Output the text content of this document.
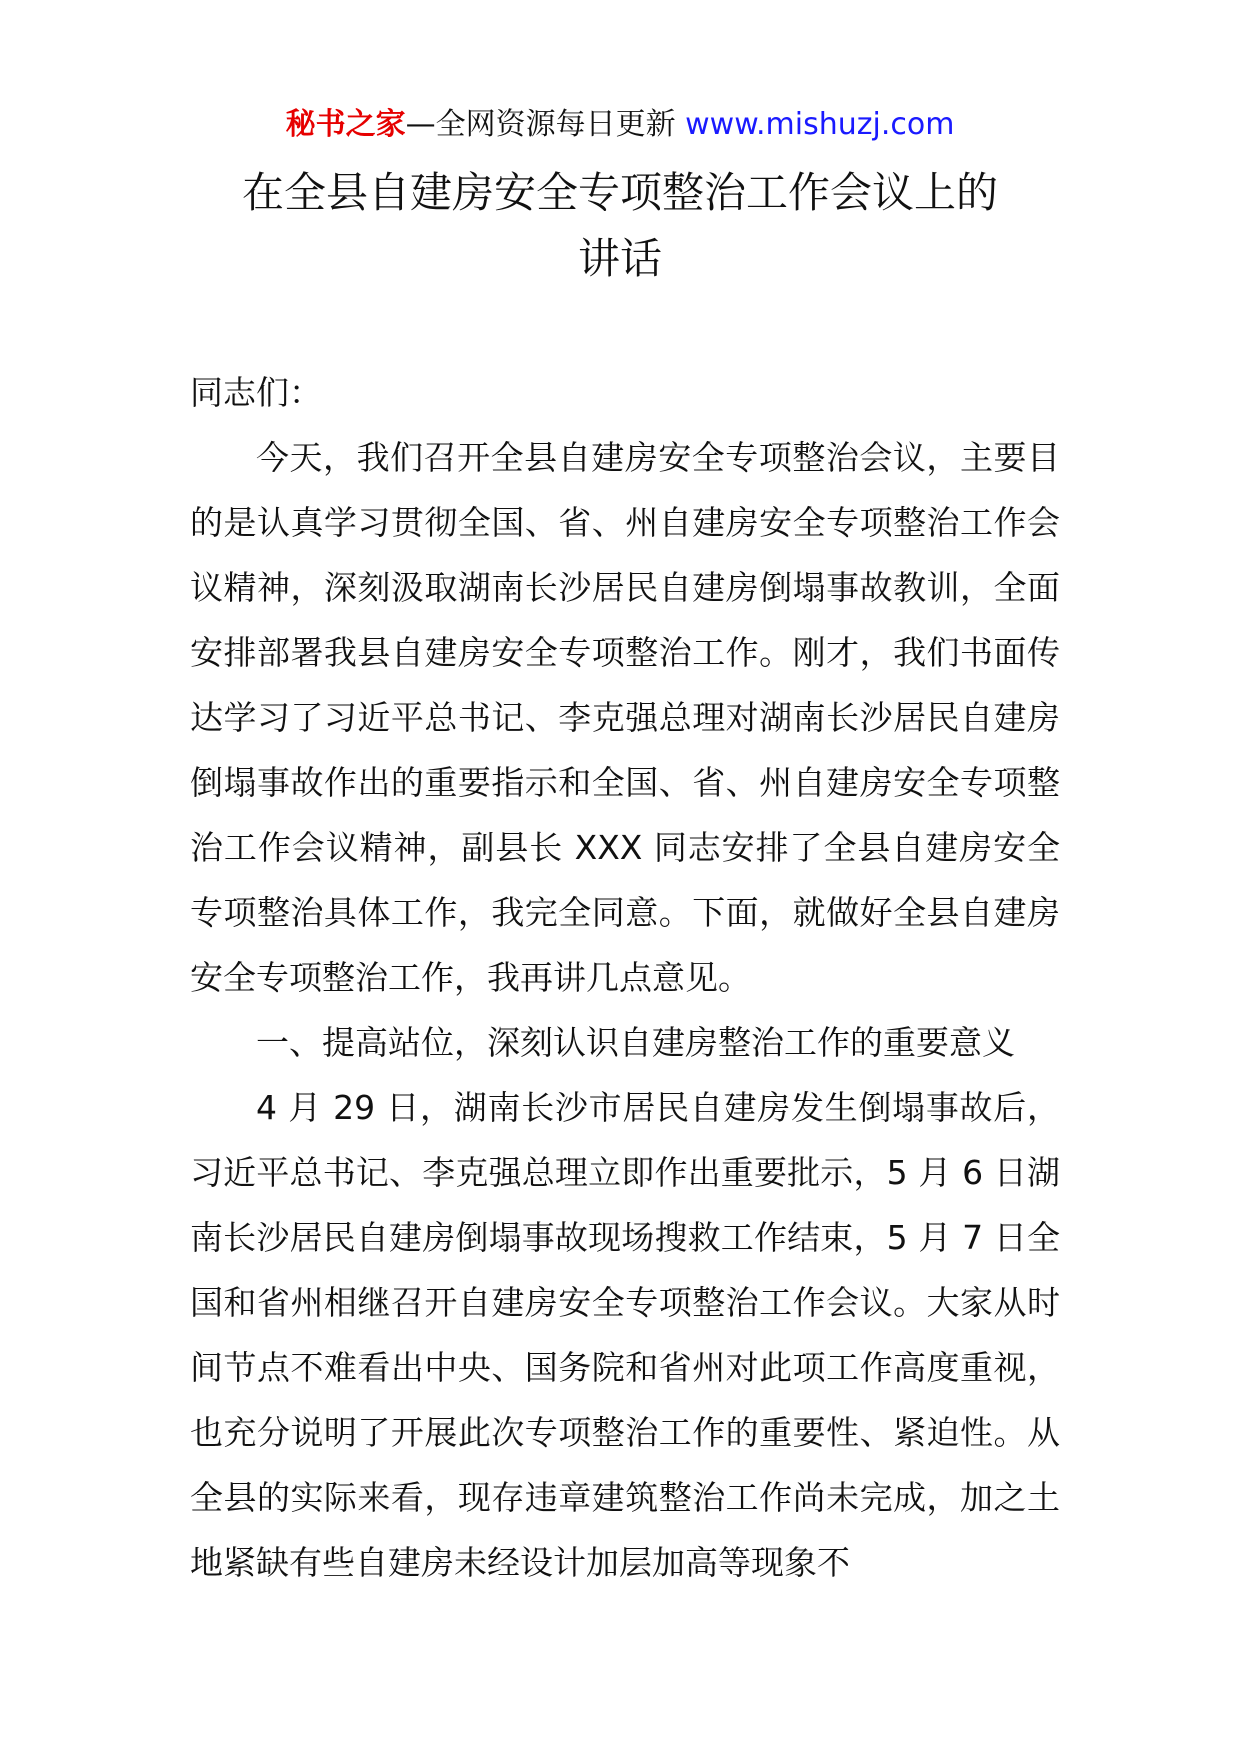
秘书之家—全网资源每日更新 www.mishuzj.com
在全县自建房安全专项整治工作会议上的
讲话

同志们：

今天，我们召开全县自建房安全专项整治会议，主要目的是认真学习贯彻全国、省、州自建房安全专项整治工作会议精神，深刻汲取湖南长沙居民自建房倒塌事故教训，全面安排部署我县自建房安全专项整治工作。刚才，我们书面传达学习了习近平总书记、李克强总理对湖南长沙居民自建房倒塌事故作出的重要指示和全国、省、州自建房安全专项整治工作会议精神，副县长 XXX 同志安排了全县自建房安全专项整治具体工作，我完全同意。下面，就做好全县自建房安全专项整治工作，我再讲几点意见。

一、提高站位，深刻认识自建房整治工作的重要意义

4 月 29 日，湖南长沙市居民自建房发生倒塌事故后，习近平总书记、李克强总理立即作出重要批示，5 月 6 日湖南长沙居民自建房倒塌事故现场搜救工作结束，5 月 7 日全国和省州相继召开自建房安全专项整治工作会议。大家从时间节点不难看出中央、国务院和省州对此项工作高度重视，也充分说明了开展此次专项整治工作的重要性、紧迫性。从全县的实际来看，现存违章建筑整治工作尚未完成，加之土地紧缺有些自建房未经设计加层加高等现象不
